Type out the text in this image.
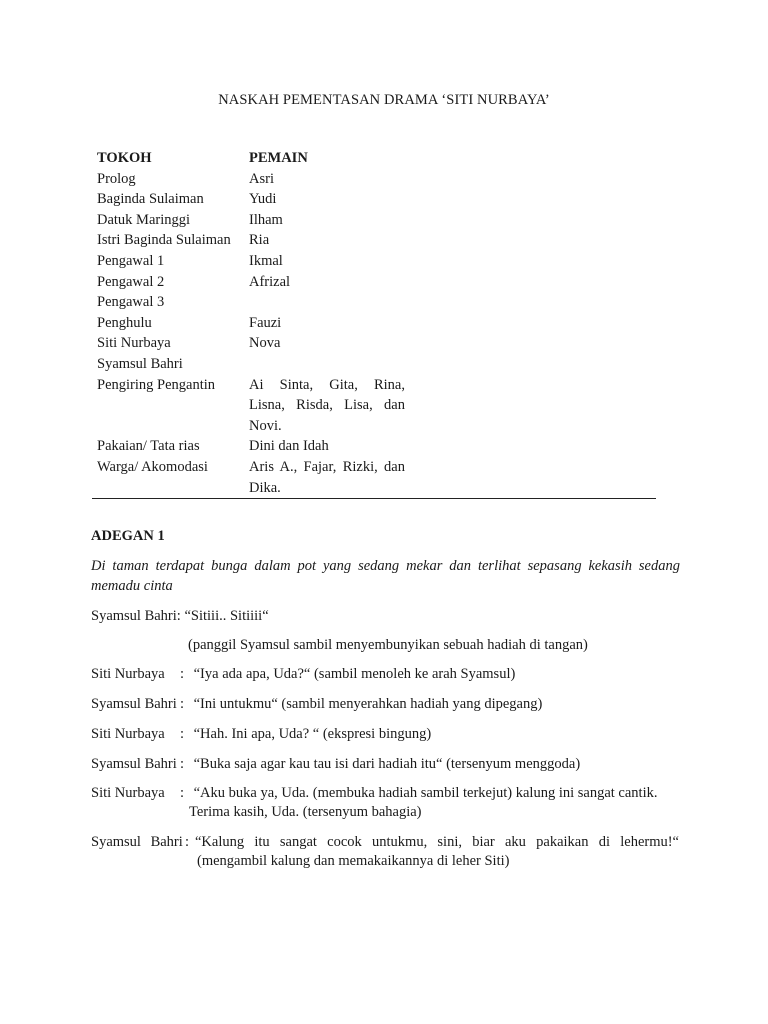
NASKAH PEMENTASAN DRAMA ‘SITI NURBAYA’
TOKOH	PEMAIN
Prolog	Asri
Baginda Sulaiman	Yudi
Datuk Maringgi	Ilham
Istri Baginda Sulaiman	Ria
Pengawal 1	Ikmal
Pengawal 2	Afrizal
Pengawal 3
Penghulu	Fauzi
Siti Nurbaya	Nova
Syamsul Bahri
Pengiring Pengantin	Ai Sinta, Gita, Rina, Lisna, Risda, Lisa, dan Novi.
Pakaian/ Tata rias	Dini dan Idah
Warga/ Akomodasi	Aris A., Fajar, Rizki, dan Dika.
ADEGAN 1
Di taman terdapat bunga dalam pot yang sedang mekar dan terlihat sepasang kekasih sedang memadu cinta
Syamsul Bahri: “Sitiii.. Sitiiii“
(panggil Syamsul sambil menyembunyikan sebuah hadiah di tangan)
Siti Nurbaya : “Iya ada apa, Uda?“ (sambil menoleh ke arah Syamsul)
Syamsul Bahri : “Ini untukmu“ (sambil menyerahkan hadiah yang dipegang)
Siti Nurbaya : “Hah. Ini apa, Uda? “ (ekspresi bingung)
Syamsul Bahri : “Buka saja agar kau tau isi dari hadiah itu“ (tersenyum menggoda)
Siti Nurbaya : “Aku buka ya, Uda. (membuka hadiah sambil terkejut) kalung ini sangat cantik.
Terima kasih, Uda. (tersenyum bahagia)
Syamsul Bahri : “Kalung itu sangat cocok untukmu, sini, biar aku pakaikan di lehermu!“
(mengambil kalung dan memakaikannya di leher Siti)
